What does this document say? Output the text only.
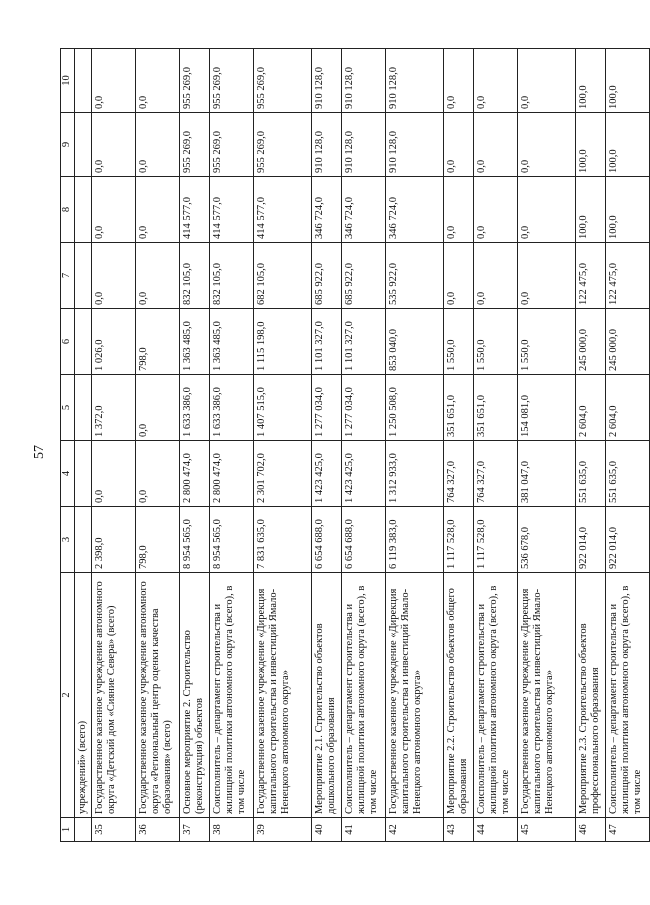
57
1	2	3	4	5	6	7	8	9	10
	учреждений» (всего)								
35	Государственное казенное учреждение автономного округа «Детский дом «Сияние Севера» (всего)	2 398,0	0,0	1 372,0	1 026,0	0,0	0,0	0,0	0,0
36	Государственное казенное учреждение автономного округа «Региональный центр оценки качества образования» (всего)	798,0	0,0	0,0	798,0	0,0	0,0	0,0	0,0
37	Основное мероприятие 2. Строительство (реконструкция) объектов	8 954 565,0	2 800 474,0	1 633 386,0	1 363 485,0	832 105,0	414 577,0	955 269,0	955 269,0
38	Соисполнитель – департамент строительства и жилищной политики автономного округа (всего), в том числе	8 954 565,0	2 800 474,0	1 633 386,0	1 363 485,0	832 105,0	414 577,0	955 269,0	955 269,0
39	Государственное казенное учреждение «Дирекция капитального строительства и инвестиций Ямало-Ненецкого автономного округа»	7 831 635,0	2 301 702,0	1 407 515,0	1 115 198,0	682 105,0	414 577,0	955 269,0	955 269,0
40	Мероприятие 2.1. Строительство объектов дошкольного образования	6 654 688,0	1 423 425,0	1 277 034,0	1 101 327,0	685 922,0	346 724,0	910 128,0	910 128,0
41	Соисполнитель – департамент строительства и жилищной политики автономного округа (всего), в том числе	6 654 688,0	1 423 425,0	1 277 034,0	1 101 327,0	685 922,0	346 724,0	910 128,0	910 128,0
42	Государственное казенное учреждение «Дирекция капитального строительства и инвестиций Ямало-Ненецкого автономного округа»	6 119 383,0	1 312 933,0	1 250 508,0	853 040,0	535 922,0	346 724,0	910 128,0	910 128,0
43	Мероприятие 2.2. Строительство объектов общего образования	1 117 528,0	764 327,0	351 651,0	1 550,0	0,0	0,0	0,0	0,0
44	Соисполнитель – департамент строительства и жилищной политики автономного округа (всего), в том числе	1 117 528,0	764 327,0	351 651,0	1 550,0	0,0	0,0	0,0	0,0
45	Государственное казенное учреждение «Дирекция капитального строительства и инвестиций Ямало-Ненецкого автономного округа»	536 678,0	381 047,0	154 081,0	1 550,0	0,0	0,0	0,0	0,0
46	Мероприятие 2.3. Строительство объектов профессионального образования	922 014,0	551 635,0	2 604,0	245 000,0	122 475,0	100,0	100,0	100,0
47	Соисполнитель – департамент строительства и жилищной политики автономного округа (всего), в том числе	922 014,0	551 635,0	2 604,0	245 000,0	122 475,0	100,0	100,0	100,0
